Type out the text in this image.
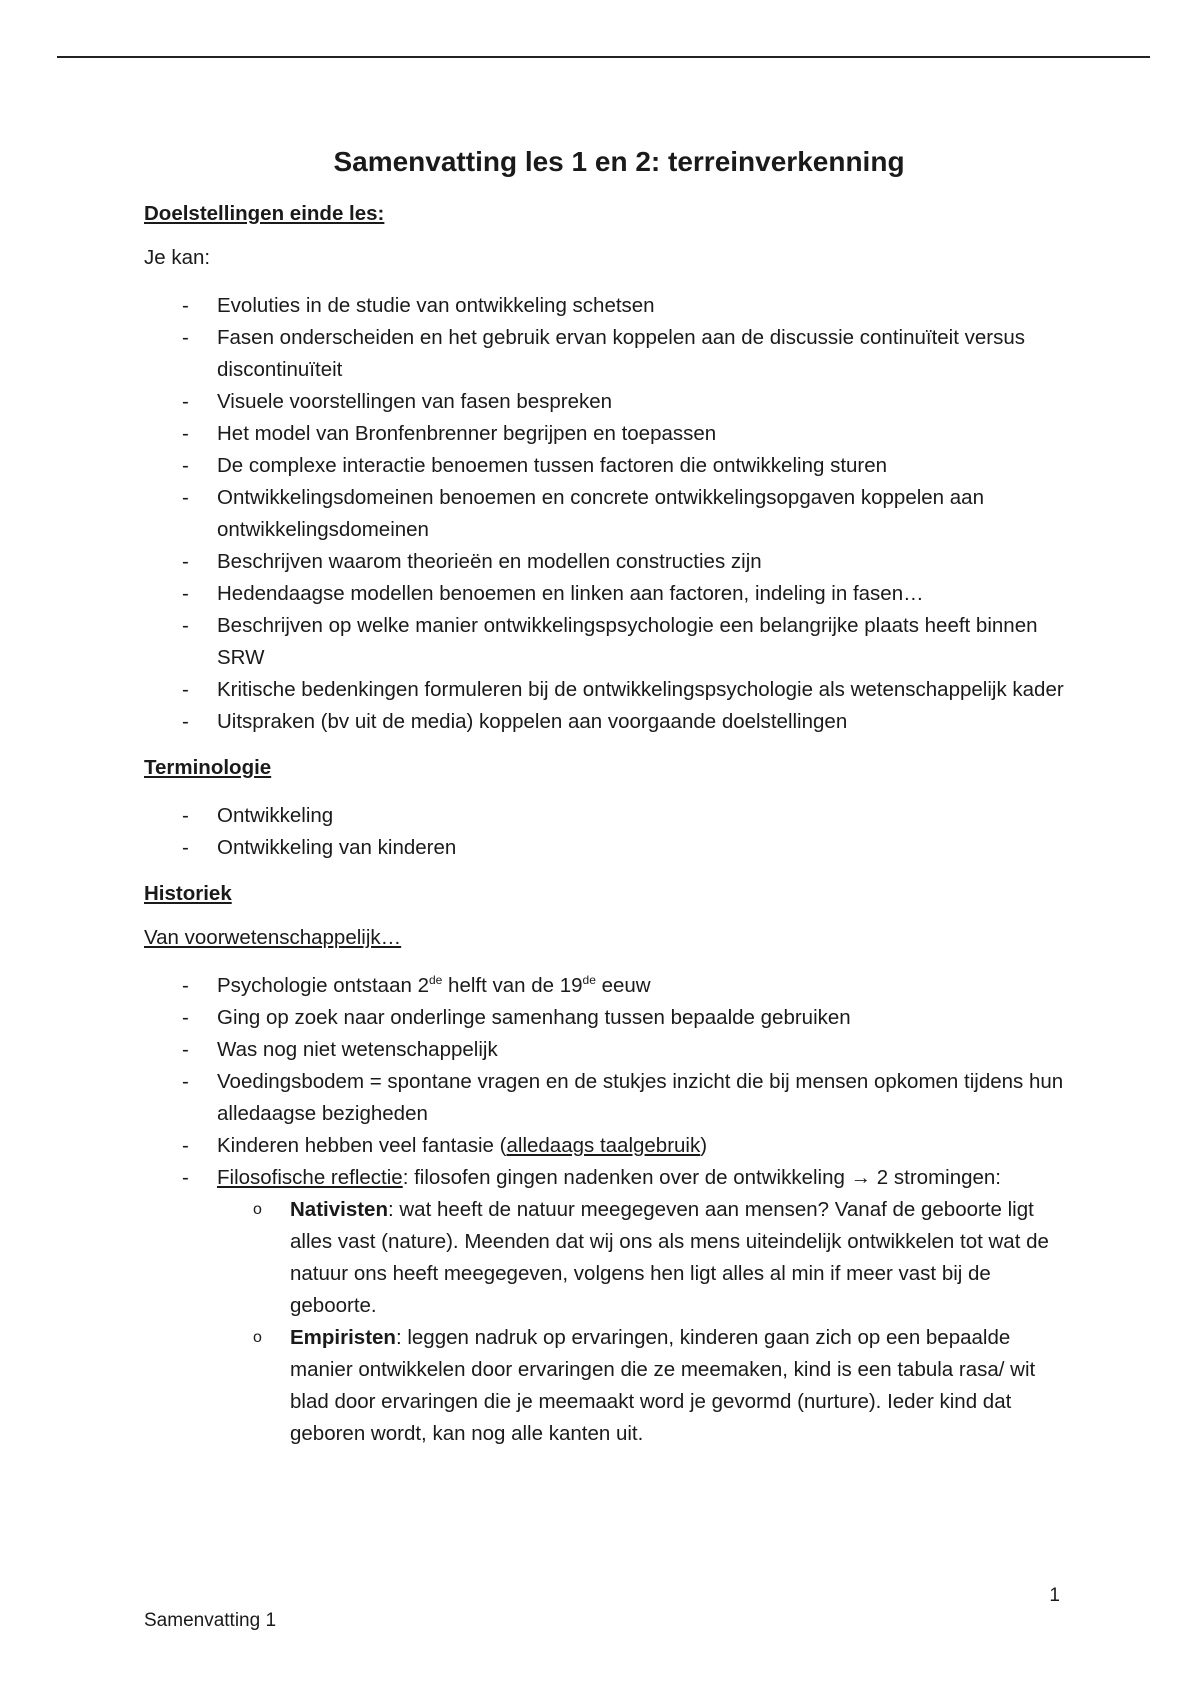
Samenvatting les 1 en 2: terreinverkenning
Doelstellingen einde les:
Je kan:
- Evoluties in de studie van ontwikkeling schetsen
- Fasen onderscheiden en het gebruik ervan koppelen aan de discussie continuïteit versus discontinuïteit
- Visuele voorstellingen van fasen bespreken
- Het model van Bronfenbrenner begrijpen en toepassen
- De complexe interactie benoemen tussen factoren die ontwikkeling sturen
- Ontwikkelingsdomeinen benoemen en concrete ontwikkelingsopgaven koppelen aan ontwikkelingsdomeinen
- Beschrijven waarom theorieën en modellen constructies zijn
- Hedendaagse modellen benoemen en linken aan factoren, indeling in fasen…
- Beschrijven op welke manier ontwikkelingspsychologie een belangrijke plaats heeft binnen SRW
- Kritische bedenkingen formuleren bij de ontwikkelingspsychologie als wetenschappelijk kader
- Uitspraken (bv uit de media) koppelen aan voorgaande doelstellingen
Terminologie
- Ontwikkeling
- Ontwikkeling van kinderen
Historiek
Van voorwetenschappelijk…
- Psychologie ontstaan 2de helft van de 19de eeuw
- Ging op zoek naar onderlinge samenhang tussen bepaalde gebruiken
- Was nog niet wetenschappelijk
- Voedingsbodem = spontane vragen en de stukjes inzicht die bij mensen opkomen tijdens hun alledaagse bezigheden
- Kinderen hebben veel fantasie (alledaags taalgebruik)
- Filosofische reflectie: filosofen gingen nadenken over de ontwikkeling → 2 stromingen:
o Nativisten: wat heeft de natuur meegegeven aan mensen? Vanaf de geboorte ligt alles vast (nature). Meenden dat wij ons als mens uiteindelijk ontwikkelen tot wat de natuur ons heeft meegegeven, volgens hen ligt alles al min if meer vast bij de geboorte.
o Empiristen: leggen nadruk op ervaringen, kinderen gaan zich op een bepaalde manier ontwikkelen door ervaringen die ze meemaken, kind is een tabula rasa/ wit blad door ervaringen die je meemaakt word je gevormd (nurture). Ieder kind dat geboren wordt, kan nog alle kanten uit.
1
Samenvatting 1
